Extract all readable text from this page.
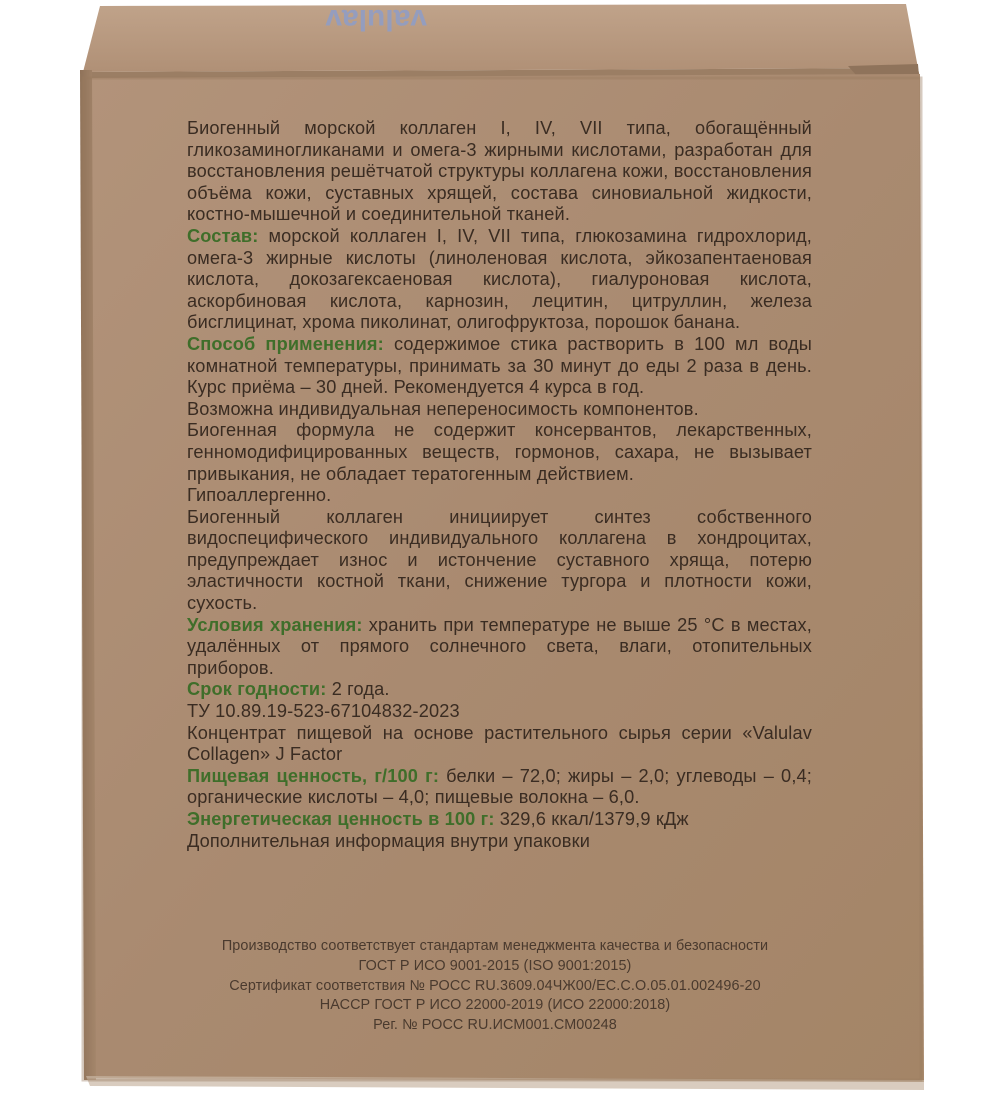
valulav

Биогенный морской коллаген I, IV, VII типа, обогащённый гликозаминогликанами и омега-3 жирными кислотами, разработан для восстановления решётчатой структуры коллагена кожи, восстановления объёма кожи, суставных хрящей, состава синовиальной жидкости, костно-мышечной и соединительной тканей.

Состав: морской коллаген I, IV, VII типа, глюкозамина гидрохлорид, омега-3 жирные кислоты (линоленовая кислота, эйкозапентаеновая кислота, докозагексаеновая кислота), гиалуроновая кислота, аскорбиновая кислота, карнозин, лецитин, цитруллин, железа бисглицинат, хрома пиколинат, олигофруктоза, порошок банана.

Способ применения: содержимое стика растворить в 100 мл воды комнатной температуры, принимать за 30 минут до еды 2 раза в день. Курс приёма – 30 дней. Рекомендуется 4 курса в год.

Возможна индивидуальная непереносимость компонентов.

Биогенная формула не содержит консервантов, лекарственных, генномодифицированных веществ, гормонов, сахара, не вызывает привыкания, не обладает тератогенным действием.

Гипоаллергенно.

Биогенный коллаген инициирует синтез собственного видоспецифического индивидуального коллагена в хондроцитах, предупреждает износ и истончение суставного хряща, потерю эластичности костной ткани, снижение тургора и плотности кожи, сухость.

Условия хранения: хранить при температуре не выше 25 °С в местах, удалённых от прямого солнечного света, влаги, отопительных приборов.

Срок годности: 2 года.

ТУ 10.89.19-523-67104832-2023

Концентрат пищевой на основе растительного сырья серии «Valulav Collagen» J Factor

Пищевая ценность, г/100 г: белки – 72,0; жиры – 2,0; углеводы – 0,4; органические кислоты – 4,0; пищевые волокна – 6,0.

Энергетическая ценность в 100 г: 329,6 ккал/1379,9 кДж

Дополнительная информация внутри упаковки

Производство соответствует стандартам менеджмента качества и безопасности
ГОСТ Р ИСО 9001-2015 (ISO 9001:2015)
Сертификат соответствия № РОСС RU.3609.04ЧЖ00/ЕС.С.О.05.01.002496-20
НАССР ГОСТ Р ИСО 22000-2019 (ИСО 22000:2018)
Рег. № РОСС RU.ИСМ001.СМ00248
